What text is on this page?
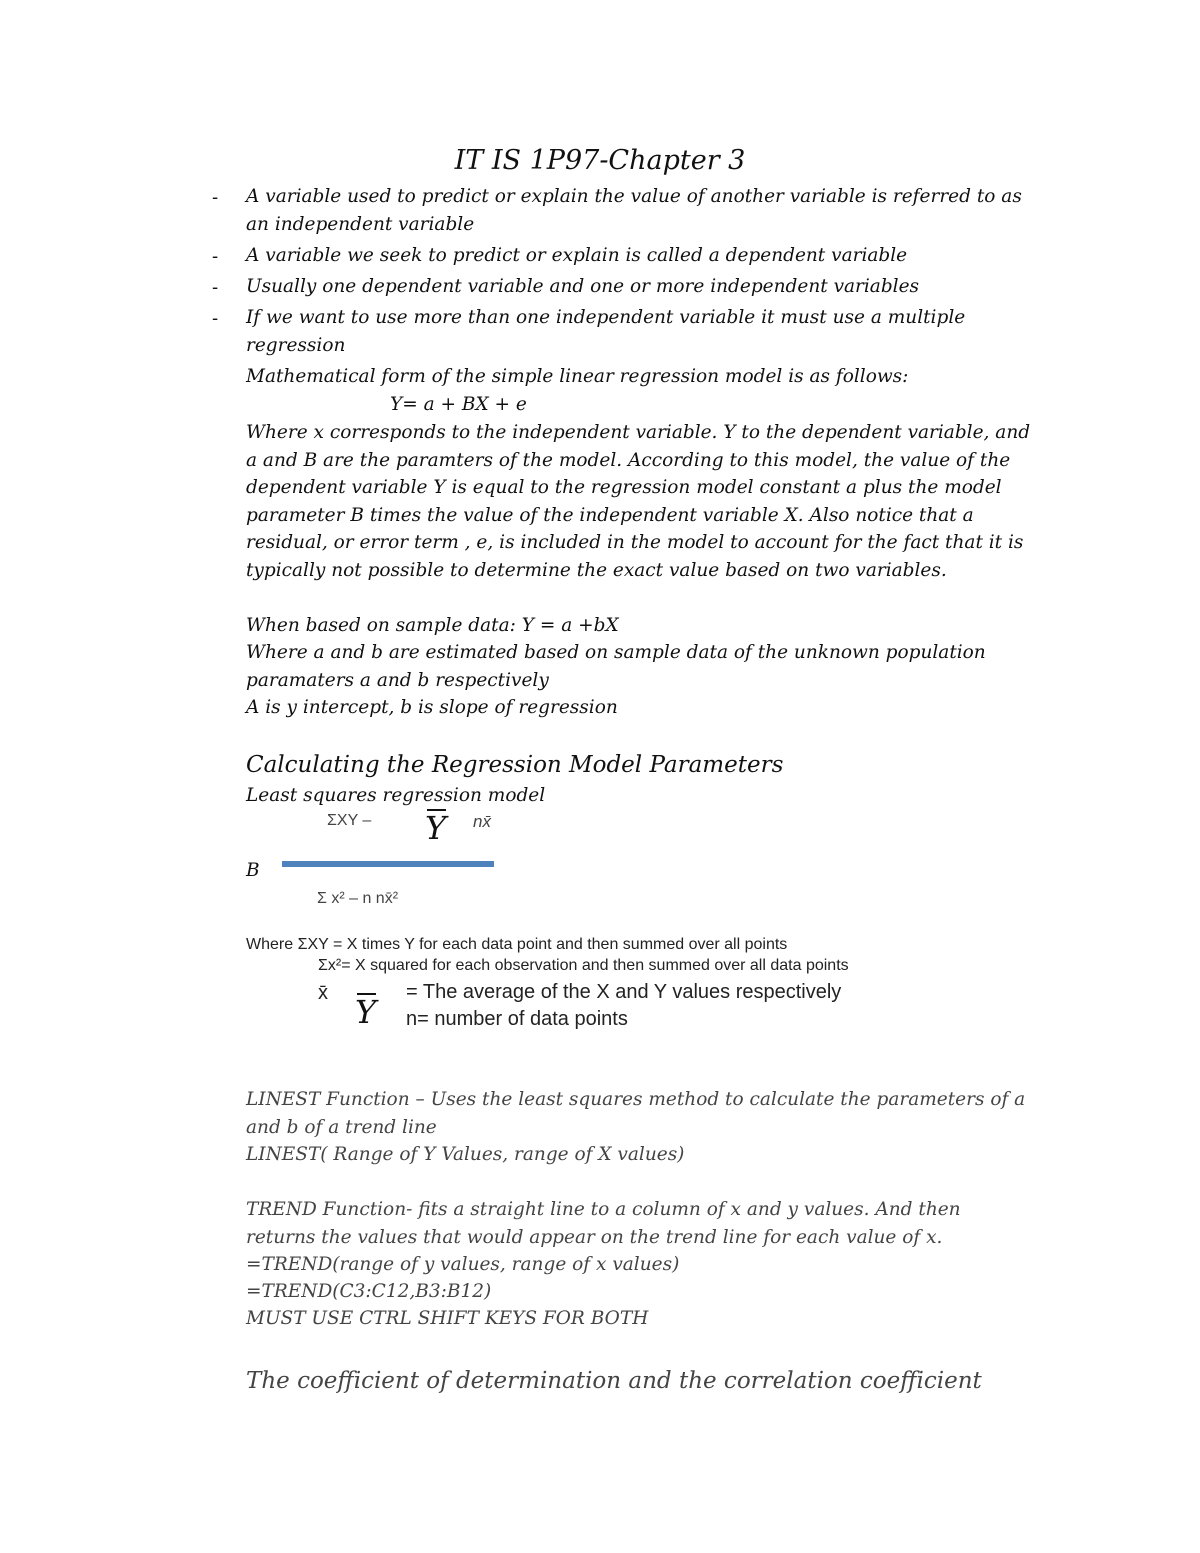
IT IS 1P97-Chapter 3
- A variable used to predict or explain the value of another variable is referred to as an independent variable
- A variable we seek to predict or explain is called a dependent variable
- Usually one dependent variable and one or more independent variables
- If we want to use more than one independent variable it must use a multiple regression
Mathematical form of the simple linear regression model is as follows:
Y= a + BX + e

Where x corresponds to the independent variable. Y to the dependent variable, and a and B are the paramters of the model. According to this model, the value of the dependent variable Y is equal to the regression model constant a plus the model parameter B times the value of the independent variable X. Also notice that a residual, or error term , e, is included in the model to account for the fact that it is typically not possible to determine the exact value based on two variables.

When based on sample data: Y = a +bX

Where a and b are estimated based on sample data of the unknown population paramaters a and b respectively

A is y intercept, b is slope of regression
Calculating the Regression Model Parameters
Least squares regression model
ΣXY – Y nx̄
B
Σ x² – n nx̄²
Where ΣXY = X times Y for each data point and then summed over all points
Σx²= X squared for each observation and then summed over all data points
x̄ Y
= The average of the X and Y values respectively
n= number of data points

LINEST Function – Uses the least squares method to calculate the parameters of a and b of a trend line

LINEST( Range of Y Values, range of X values)

TREND Function- fits a straight line to a column of x and y values. And then returns the values that would appear on the trend line for each value of x.

=TREND(range of y values, range of x values)
=TREND(C3:C12,B3:B12)
MUST USE CTRL SHIFT KEYS FOR BOTH
The coefficient of determination and the correlation coefficient
